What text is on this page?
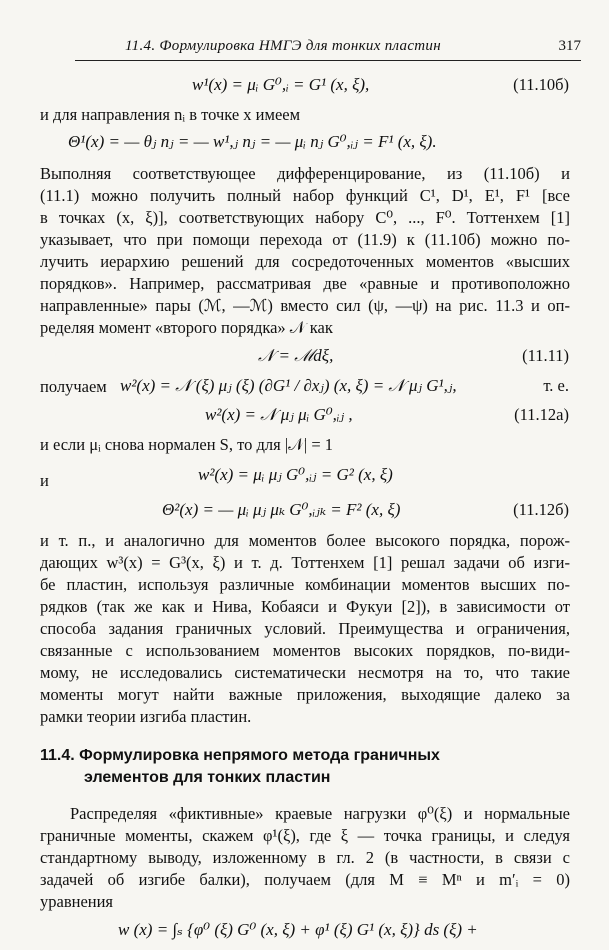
11.4. Формулировка НМГЭ для тонких пластин	317
w¹(x) = μᵢ G⁰,ᵢ = G¹ (x, ξ),	(11.10б)
и для направления nᵢ в точке x имеем
Θ¹(x) = — θⱼ nⱼ = — w¹,ⱼ nⱼ = — μᵢ nⱼ G⁰,ᵢⱼ = F¹ (x, ξ).
Выполняя соответствующее дифференцирование, из (11.10б) и
(11.1) можно получить полный набор функций C¹, D¹, E¹, F¹ [все
в точках (x, ξ)], соответствующих набору C⁰, ..., F⁰. Тоттенхем [1]
указывает, что при помощи перехода от (11.9) к (11.10б) можно по-
лучить иерархию решений для сосредоточенных моментов «высших
порядков». Например, рассматривая две «равные и противоположно
направленные» пары (ℳ, —ℳ) вместо сил (ψ, —ψ) на рис. 11.3 и оп-
ределяя момент «второго порядка» 𝒩 как
𝒩 = ℳdξ,	(11.11)
получаем w²(x) = 𝒩 (ξ) μⱼ (ξ) (∂G¹ / ∂xⱼ) (x, ξ) = 𝒩 μⱼ G¹,ⱼ,	т. е.
w²(x) = 𝒩 μⱼ μᵢ G⁰,ᵢⱼ ,	(11.12а)
и если μᵢ снова нормален S, то для |𝒩| = 1
w²(x) = μᵢ μⱼ G⁰,ᵢⱼ = G² (x, ξ)
и
Θ²(x) = — μᵢ μⱼ μₖ G⁰,ᵢⱼₖ = F² (x, ξ)	(11.12б)
и т. п., и аналогично для моментов более высокого порядка, порож-
дающих w³(x) = G³(x, ξ) и т. д. Тоттенхем [1] решал задачи об изги-
бе пластин, используя различные комбинации моментов высших по-
рядков (так же как и Нива, Кобаяси и Фукуи [2]), в зависимости от
способа задания граничных условий. Преимущества и ограничения,
связанные с использованием моментов высоких порядков, по-види-
мому, не исследовались систематически несмотря на то, что такие
моменты могут найти важные приложения, выходящие далеко за
рамки теории изгиба пластин.
11.4. Формулировка непрямого метода граничных
элементов для тонких пластин
Распределяя «фиктивные» краевые нагрузки φ⁰(ξ) и нормальные
граничные моменты, скажем φ¹(ξ), где ξ — точка границы, и следуя
стандартному выводу, изложенному в гл. 2 (в частности, в связи с
задачей об изгибе балки), получаем (для M ≡ Mⁿ и m′ᵢ = 0)
уравнения
w (x) = ∫ₛ {φ⁰ (ξ) G⁰ (x, ξ) + φ¹ (ξ) G¹ (x, ξ)} ds (ξ) +
